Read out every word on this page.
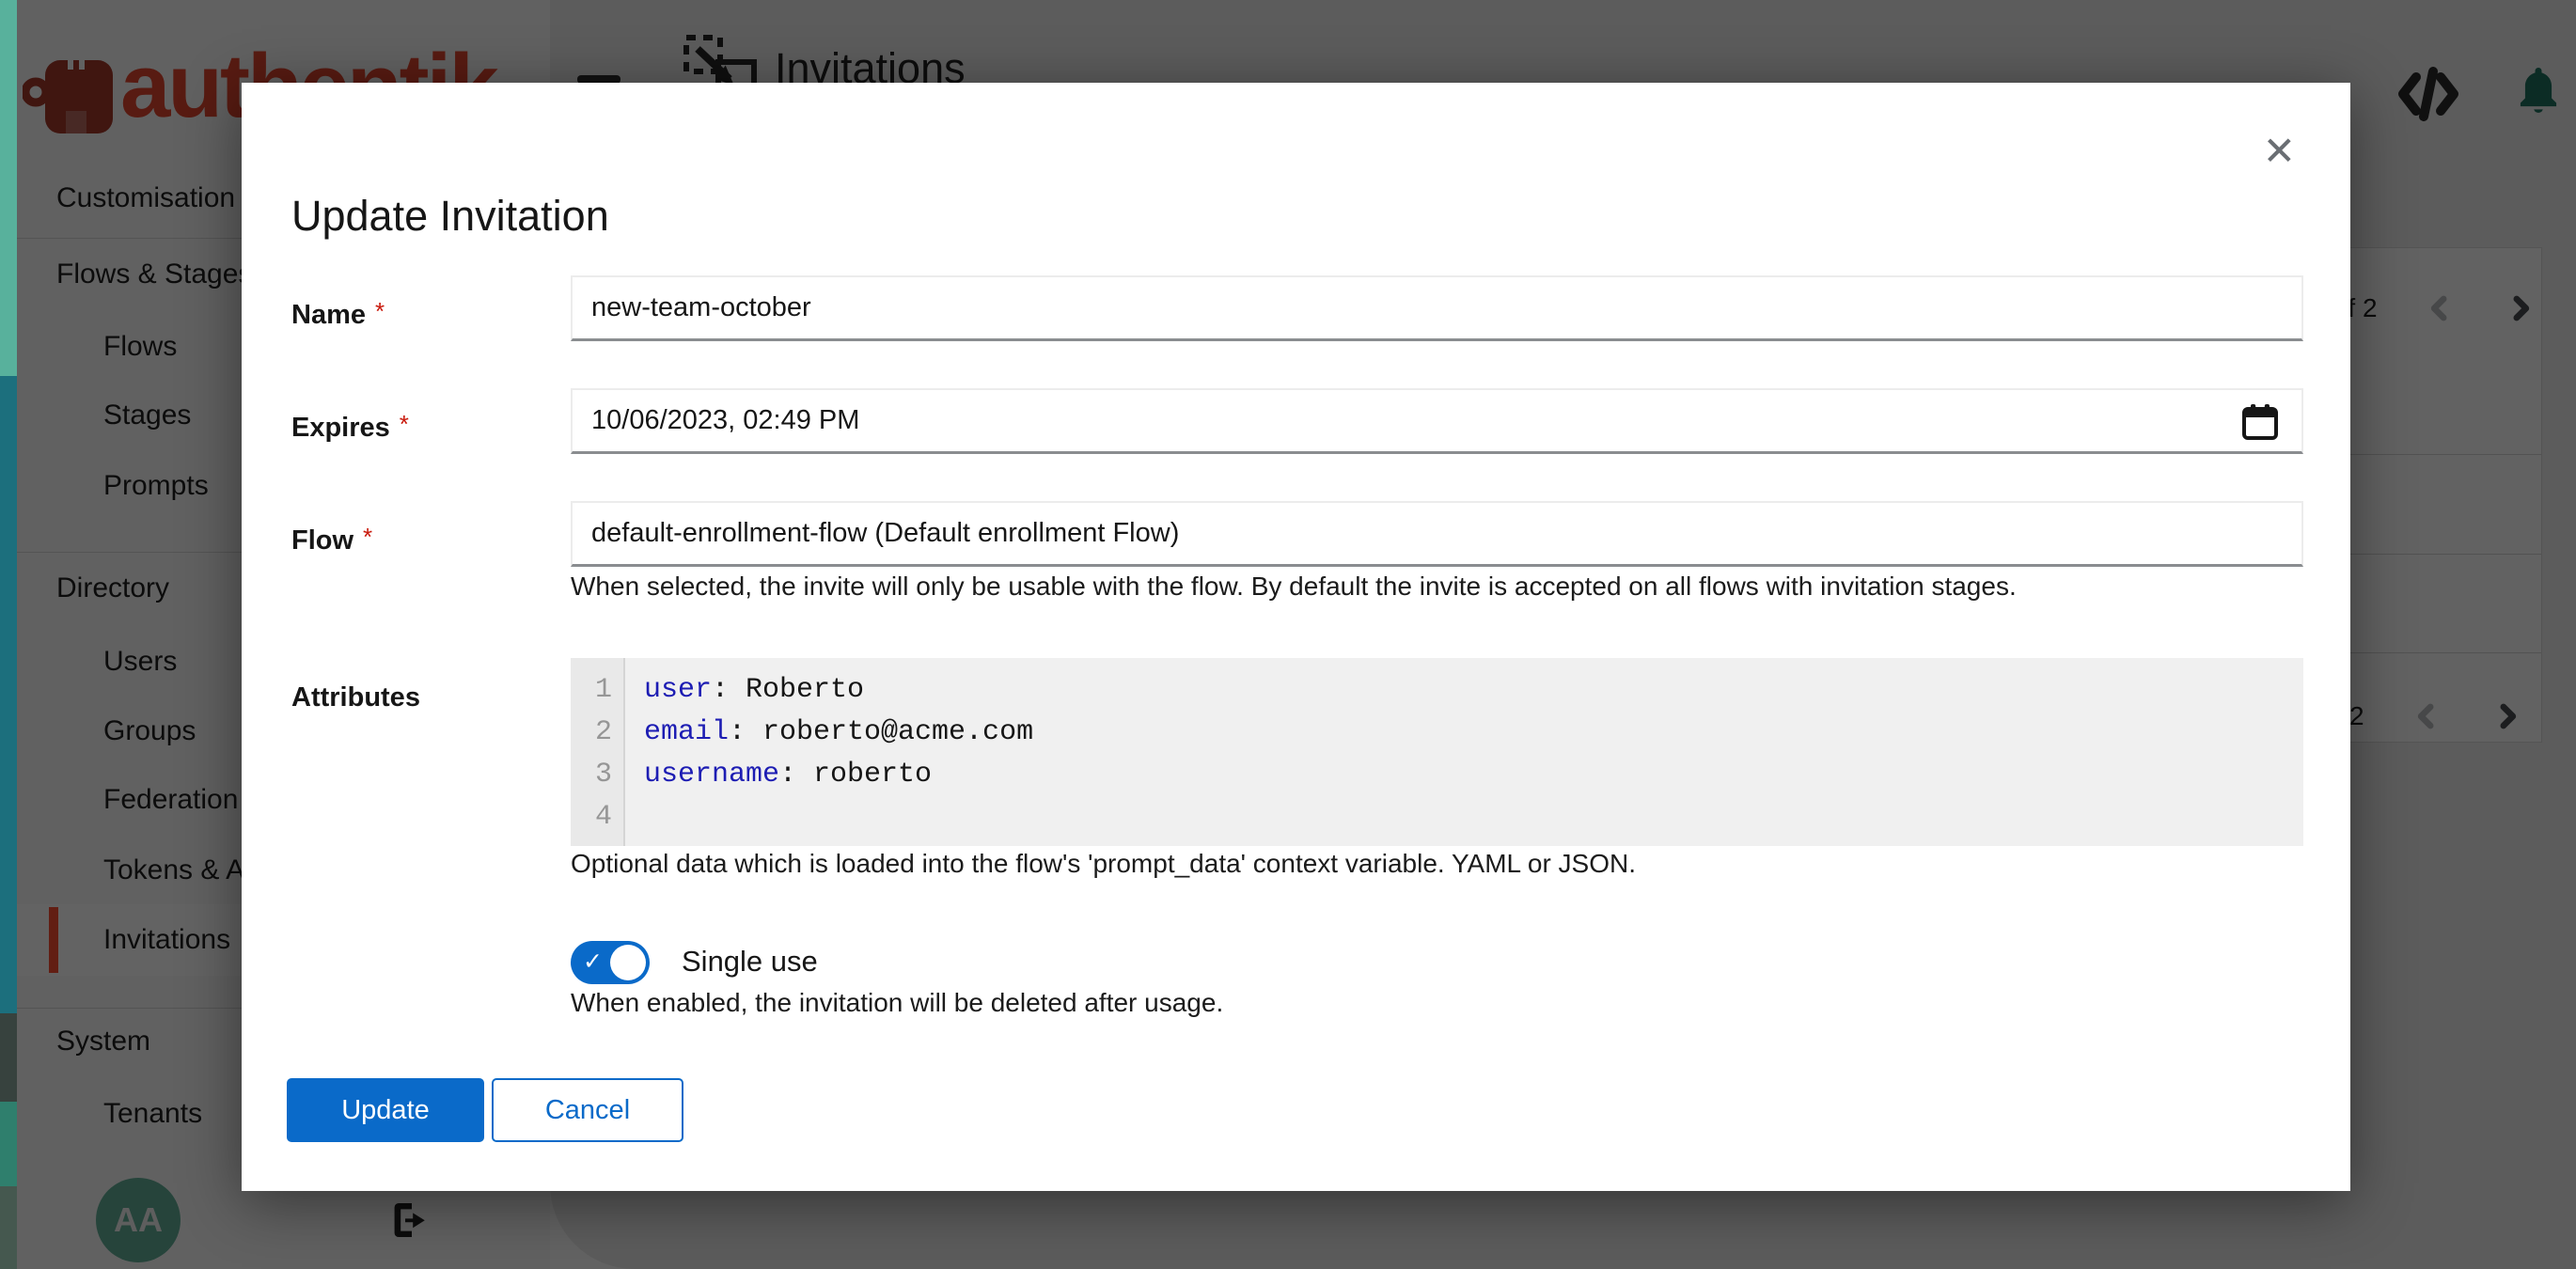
Update Invitation
✕
Name *	new-team-october
Expires *	10/06/2023, 02:49 PM
Flow *	default-enrollment-flow (Default enrollment Flow)
When selected, the invite will only be usable with the flow. By default the invite is accepted on all flows with invitation stages.
Attributes	1 user: Roberto
2 email: roberto@acme.com
3 username: roberto
4
Optional data which is loaded into the flow's 'prompt_data' context variable. YAML or JSON.
✓	Single use
When enabled, the invitation will be deleted after usage.
Update	Cancel
